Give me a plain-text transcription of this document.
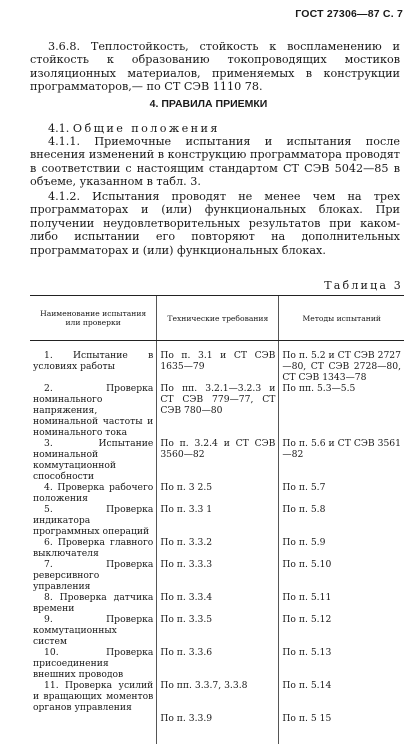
ГОСТ 27306—87 С. 7
3.6.8. Теплостойкость, стойкость к воспламенению и стойкость к образованию токопроводящих мостиков изоляционных материалов, применяемых в конструкции программаторов,— по СТ СЭВ 1110 78.
4. ПРАВИЛА ПРИЕМКИ
4.1. Общие положения
4.1.1. Приемочные испытания и испытания после внесения изменений в конструкцию программатора проводят в соответствии с настоящим стандартом СТ СЭВ 5042—85 в объеме, указанном в табл. 3.
4.1.2. Испытания проводят не менее чем на трех программаторах и (или) функциональных блоках. При получении неудовлетворительных результатов при каком-либо испытании его повторяют на дополнительных программаторах и (или) функциональных блоках.
Таблица 3
Наименование испытания или проверки	Технические требования	Методы испытаний
1. Испытание в условиях работы	По п. 3.1 и СТ СЭВ 1635—79	По п. 5.2 и СТ СЭВ 2727—80, СТ СЭВ 2728—80, СТ СЭВ 1343—78
2. Проверка номинального напряжения, номинальной частоты и номинального тока	По пп. 3.2.1—3.2.3 и СТ СЭВ 779—77, СТ СЭВ 780—80	По пп. 5.3—5.5
3. Испытание номинальной коммутационной способности	По п. 3.2.4 и СТ СЭВ 3560—82	По п. 5.6 и СТ СЭВ 3561—82
4. Проверка рабочего положения	По п. 3 2.5	По п. 5.7
5. Проверка индикатора программных операций	По п. 3.3 1	По п. 5.8
6. Проверка главного выключателя	По п. 3.3.2	По п. 5.9
7. Проверка реверсивного управления	По п. 3.3.3	По п. 5.10
8. Проверка датчика времени	По п. 3.3.4	По п. 5.11
9. Проверка коммутационных систем	По п. 3.3.5	По п. 5.12
10. Проверка присоединения внешних проводов	По п. 3.3.6	По п. 5.13
11. Проверка усилий и вращающих моментов органов управления	По пп. 3.3.7, 3.3.8	По п. 5.14
	По п. 3.3.9	По п. 5 15
